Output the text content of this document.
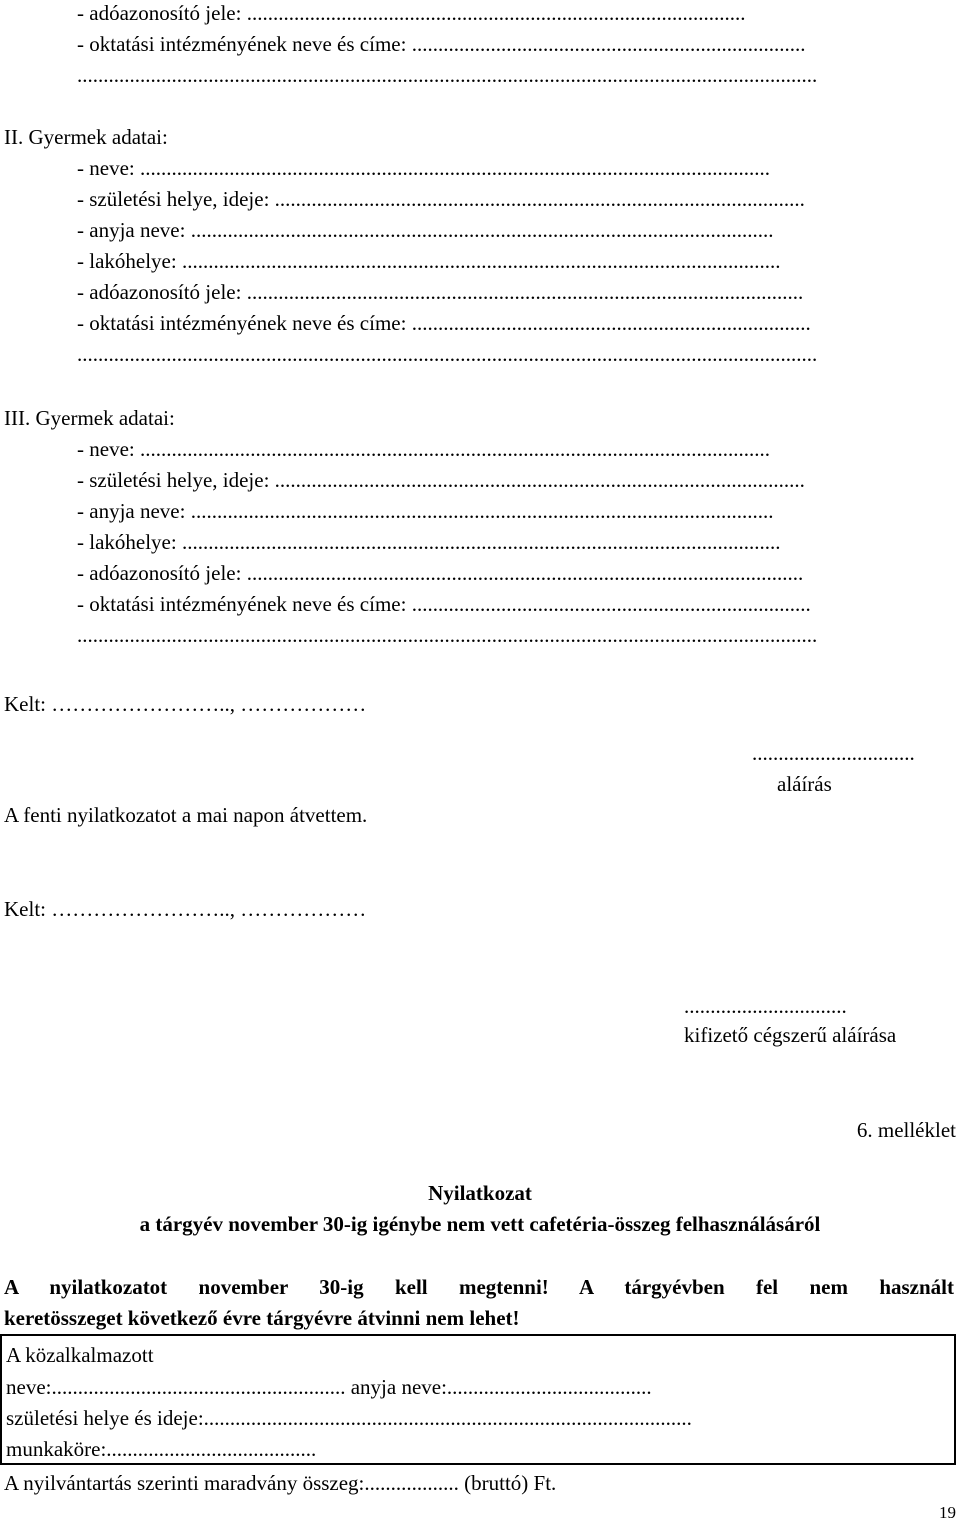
- adóazonosító jele: ...............................................................................................
- oktatási intézményének neve és címe: ...........................................................................
.............................................................................................................................................
II. Gyermek adatai:
- neve: ........................................................................................................................
- születési helye, ideje: .....................................................................................................
- anyja neve: ...............................................................................................................
- lakóhelye: ..................................................................................................................
- adóazonosító jele: ..........................................................................................................
- oktatási intézményének neve és címe: ............................................................................
.............................................................................................................................................
III. Gyermek adatai:
- neve: ........................................................................................................................
- születési helye, ideje: .....................................................................................................
- anyja neve: ...............................................................................................................
- lakóhelye: ..................................................................................................................
- adóazonosító jele: ..........................................................................................................
- oktatási intézményének neve és címe: ............................................................................
.............................................................................................................................................
Kelt: …………………….., ………………
...............................
aláírás
A fenti nyilatkozatot a mai napon átvettem.
Kelt: …………………….., ………………
...............................
kifizető cégszerű aláírása
6. melléklet
Nyilatkozat
a tárgyév november 30-ig igénybe nem vett cafetéria-összeg felhasználásáról
A nyilatkozatot november 30-ig kell megtenni! A tárgyévben fel nem használt
keretösszeget következő évre tárgyévre átvinni nem lehet!
A közalkalmazott
neve:........................................................ anyja neve:.......................................
születési helye és ideje:.............................................................................................
munkaköre:........................................
A nyilvántartás szerinti maradvány összeg:.................. (bruttó) Ft.
19
